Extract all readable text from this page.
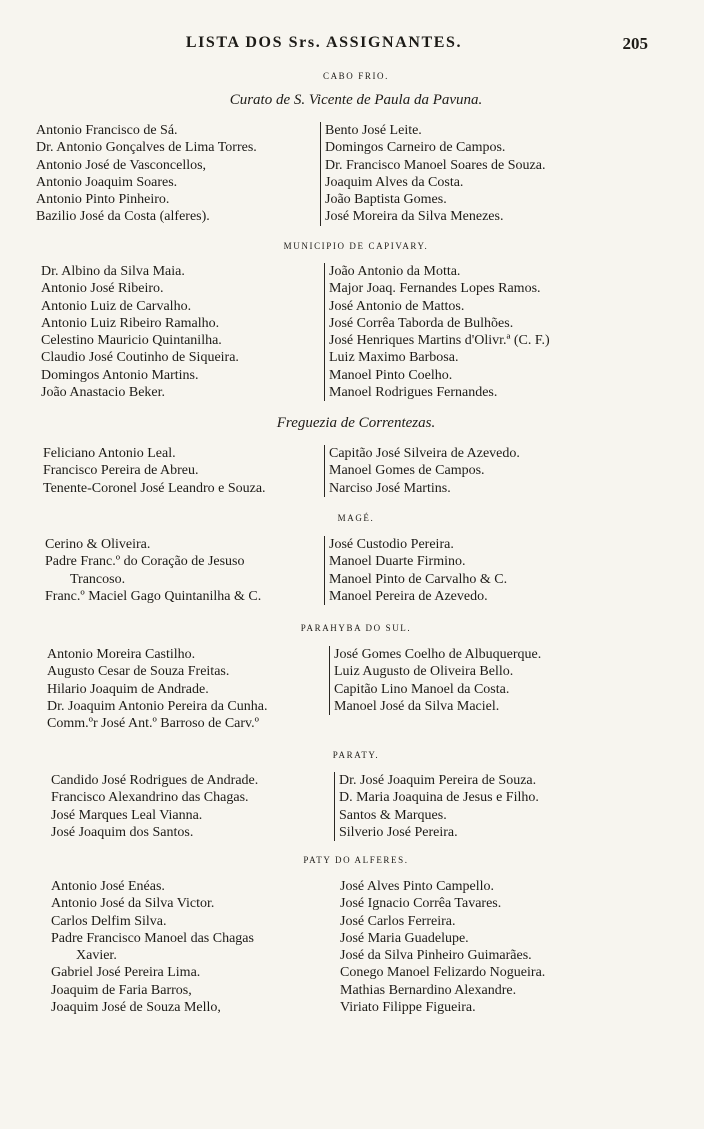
LISTA DOS Srs. ASSIGNANTES.	205
CABO FRIO.
Curato de S. Vicente de Paula da Pavuna.
Antonio Francisco de Sá.
Dr. Antonio Gonçalves de Lima Torres.
Antonio José de Vasconcellos,
Antonio Joaquim Soares.
Antonio Pinto Pinheiro.
Bazilio José da Costa (alferes).
Bento José Leite.
Domingos Carneiro de Campos.
Dr. Francisco Manoel Soares de Souza.
Joaquim Alves da Costa.
João Baptista Gomes.
José Moreira da Silva Menezes.
MUNICIPIO DE CAPIVARY.
Dr. Albino da Silva Maia.
Antonio José Ribeiro.
Antonio Luiz de Carvalho.
Antonio Luiz Ribeiro Ramalho.
Celestino Mauricio Quintanilha.
Claudio José Coutinho de Siqueira.
Domingos Antonio Martins.
João Anastacio Beker.
João Antonio da Motta.
Major Joaq. Fernandes Lopes Ramos.
José Antonio de Mattos.
José Corrêa Taborda de Bulhões.
José Henriques Martins d'Olivr.ª (C. F.)
Luiz Maximo Barbosa.
Manoel Pinto Coelho.
Manoel Rodrigues Fernandes.
Freguezia de Correntezas.
Feliciano Antonio Leal.
Francisco Pereira de Abreu.
Tenente-Coronel José Leandro e Souza.
Capitão José Silveira de Azevedo.
Manoel Gomes de Campos.
Narciso José Martins.
MAGÉ.
Cerino & Oliveira.
Padre Franc.º do Coração de Jesuso
Trancoso.
Franc.º Maciel Gago Quintanilha & C.
José Custodio Pereira.
Manoel Duarte Firmino.
Manoel Pinto de Carvalho & C.
Manoel Pereira de Azevedo.
PARAHYBA DO SUL.
Antonio Moreira Castilho.
Augusto Cesar de Souza Freitas.
Hilario Joaquim de Andrade.
Dr. Joaquim Antonio Pereira da Cunha.
Comm.ºr José Ant.º Barroso de Carv.º
José Gomes Coelho de Albuquerque.
Luiz Augusto de Oliveira Bello.
Capitão Lino Manoel da Costa.
Manoel José da Silva Maciel.
PARATY.
Candido José Rodrigues de Andrade.
Francisco Alexandrino das Chagas.
José Marques Leal Vianna.
José Joaquim dos Santos.
Dr. José Joaquim Pereira de Souza.
D. Maria Joaquina de Jesus e Filho.
Santos & Marques.
Silverio José Pereira.
PATY DO ALFERES.
Antonio José Enéas.
Antonio José da Silva Victor.
Carlos Delfim Silva.
Padre Francisco Manoel das Chagas
Xavier.
Gabriel José Pereira Lima.
Joaquim de Faria Barros,
Joaquim José de Souza Mello,
José Alves Pinto Campello.
José Ignacio Corrêa Tavares.
José Carlos Ferreira.
José Maria Guadelupe.
José da Silva Pinheiro Guimarães.
Conego Manoel Felizardo Nogueira.
Mathias Bernardino Alexandre.
Viriato Filippe Figueira.
